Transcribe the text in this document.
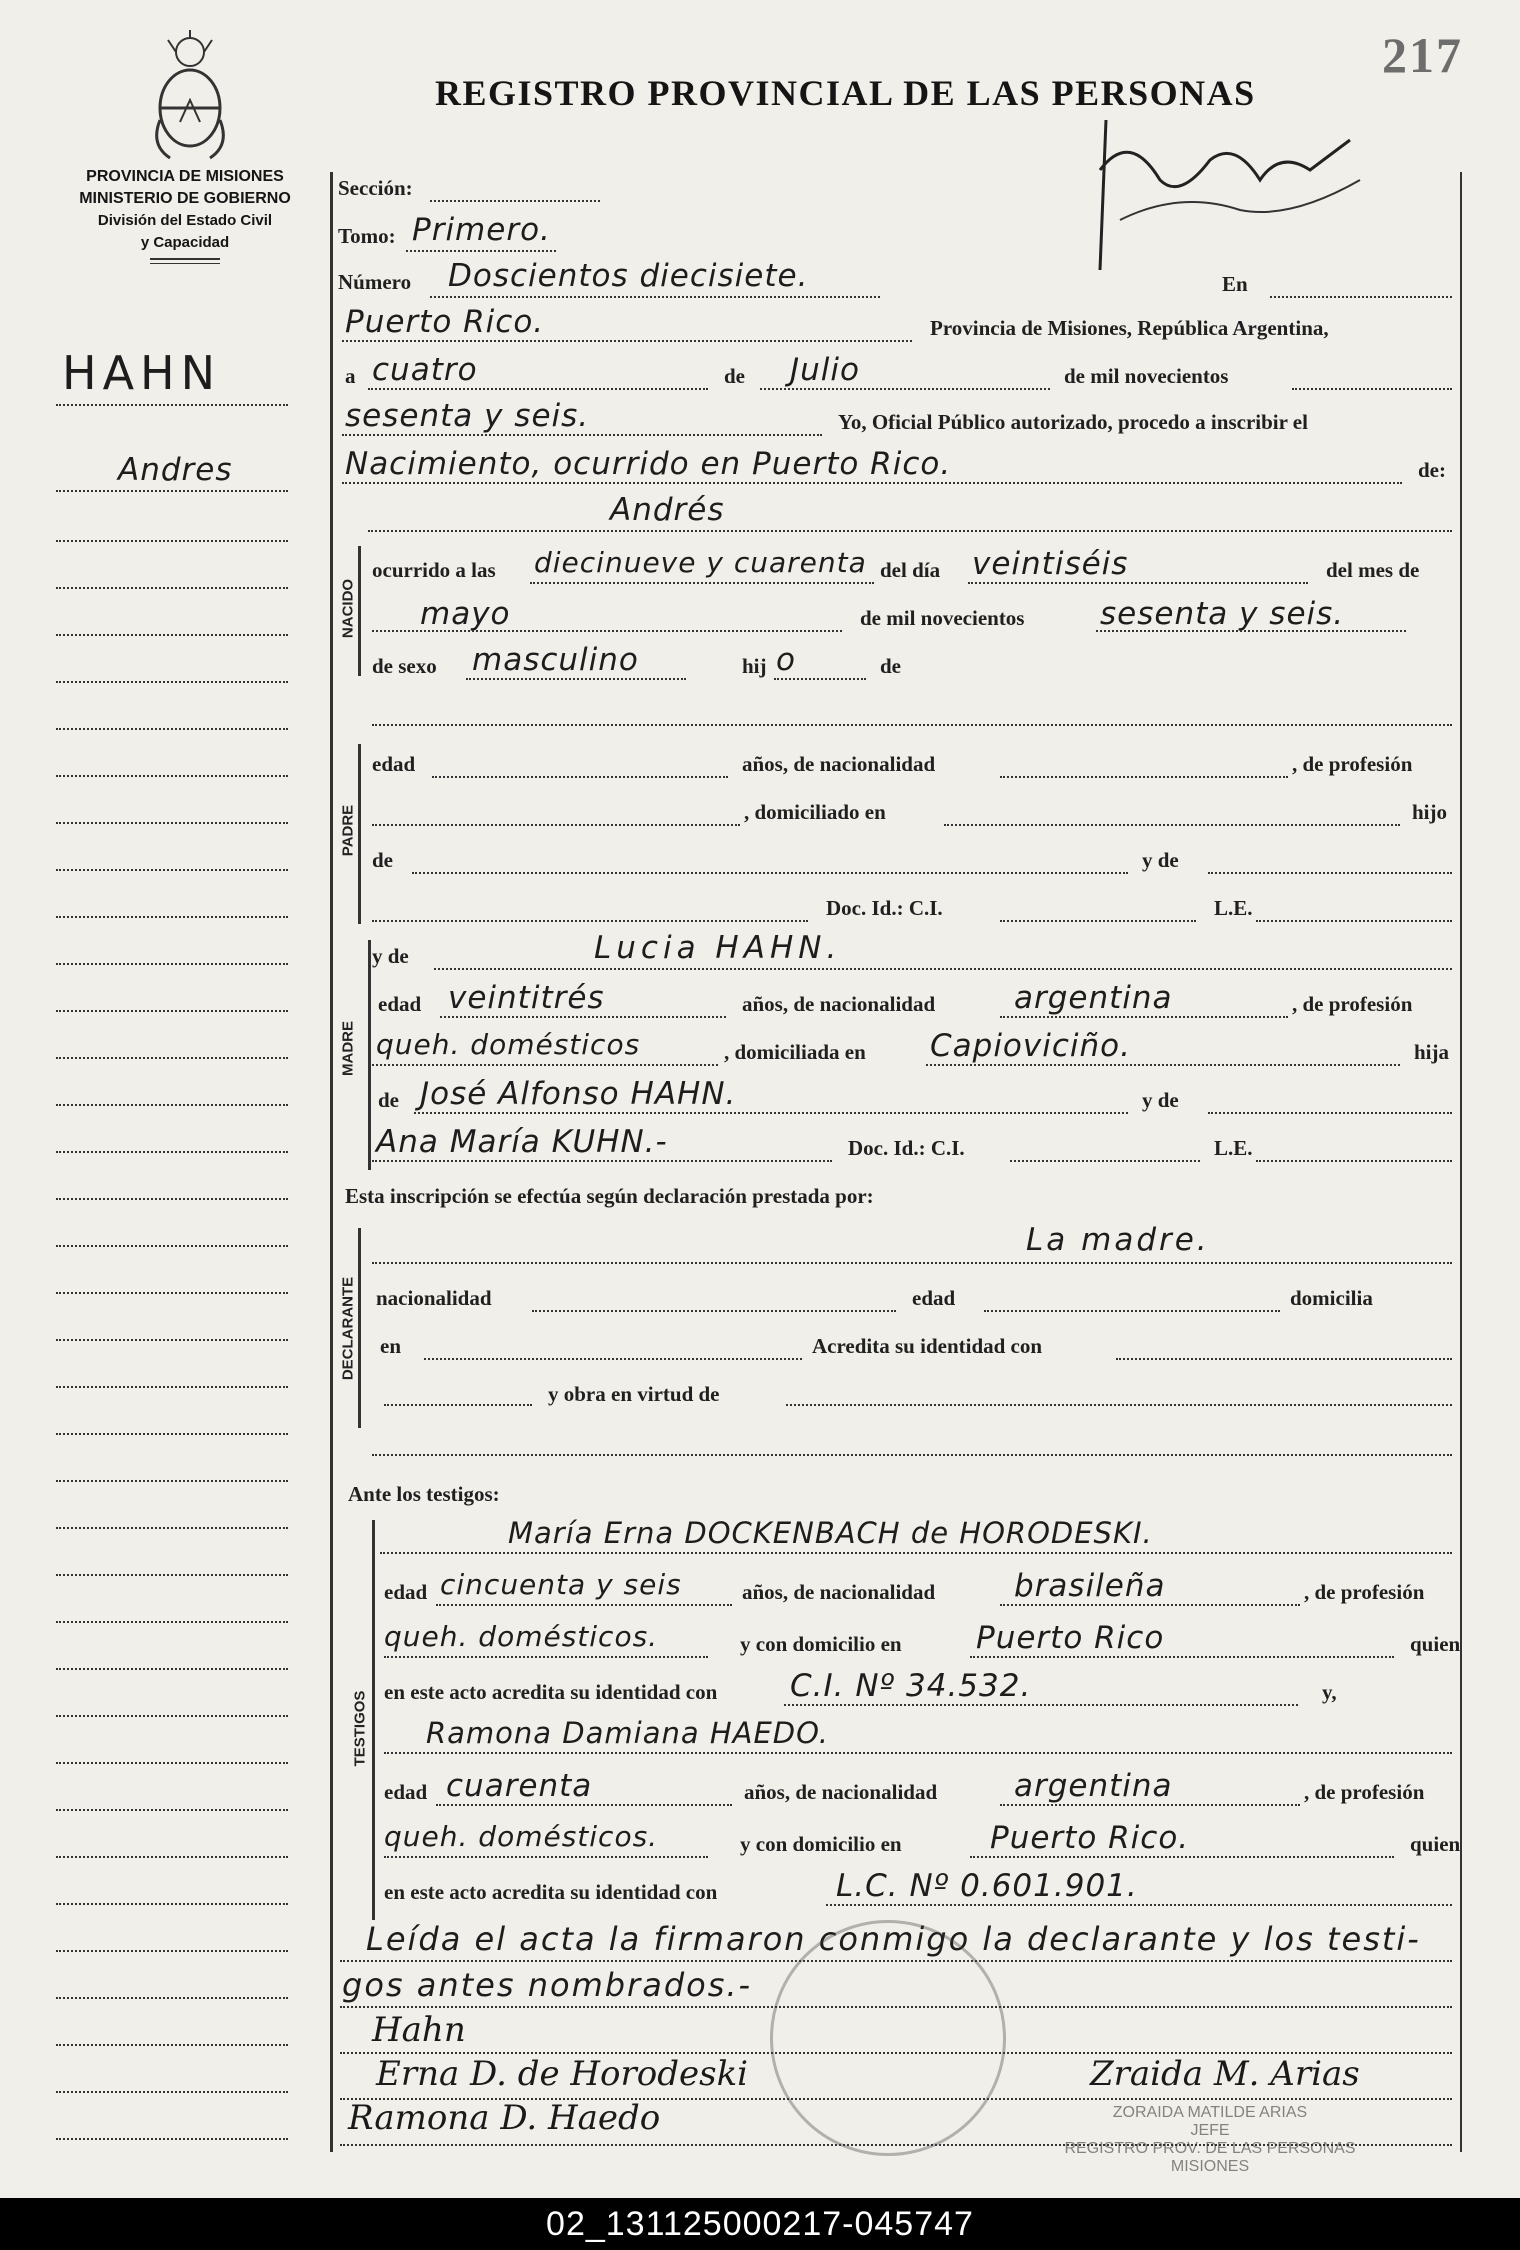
PROVINCIA DE MISIONES
MINISTERIO DE GOBIERNO
División del Estado Civil
y Capacidad
REGISTRO PROVINCIAL DE LAS PERSONAS
217
HAHN
Andres
Sección:
Tomo: Primero.
Número Doscientos diecisiete.	En
Puerto Rico.	Provincia de Misiones, República Argentina,
a cuatro	de Julio	de mil novecientos
sesenta y seis.	Yo, Oficial Público autorizado, procedo a inscribir el
Nacimiento, ocurrido en Puerto Rico.	de:
Andrés
NACIDO
ocurrido a las diecinueve y cuarenta del día veintiséis	del mes de
mayo	de mil novecientos sesenta y seis.
de sexo masculino	hij o	de
PADRE
edad	años, de nacionalidad	, de profesión
, domiciliado en	hijo
de	y de
Doc. Id.: C.I.	L.E.
MADRE
y de	Lucia HAHN.
edad veintitrés	años, de nacionalidad	argentina	, de profesión
queh. domésticos	, domiciliada en Capioviciño.	hija
de José Alfonso HAHN.	y de
Ana María KUHN.-	Doc. Id.: C.I.	L.E.
Esta inscripción se efectúa según declaración prestada por:
DECLARANTE
La madre.
nacionalidad	edad	domicilia
en	Acredita su identidad con
y obra en virtud de
Ante los testigos:
TESTIGOS
María Erna DOCKENBACH de HORODESKI.
edad cincuenta y seis	años, de nacionalidad	brasileña	, de profesión
queh. domésticos.	y con domicilio en Puerto Rico	quien
en este acto acredita su identidad con C.I. Nº 34.532.	y,
Ramona Damiana HAEDO.
edad cuarenta	años, de nacionalidad argentina	, de profesión
queh. domésticos.	y con domicilio en	Puerto Rico.	quien
en este acto acredita su identidad con	L.C. Nº 0.601.901.
Leída el acta la firmaron conmigo la declarante y los testi-
gos antes nombrados.-
Hahn
Erna D. de Horodeski	Zraida M. Arias
Ramona D. Haedo	ZORAIDA MATILDE ARIAS
JEFE
REGISTRO PROV. DE LAS PERSONAS
MISIONES
02_131125000217-045747
